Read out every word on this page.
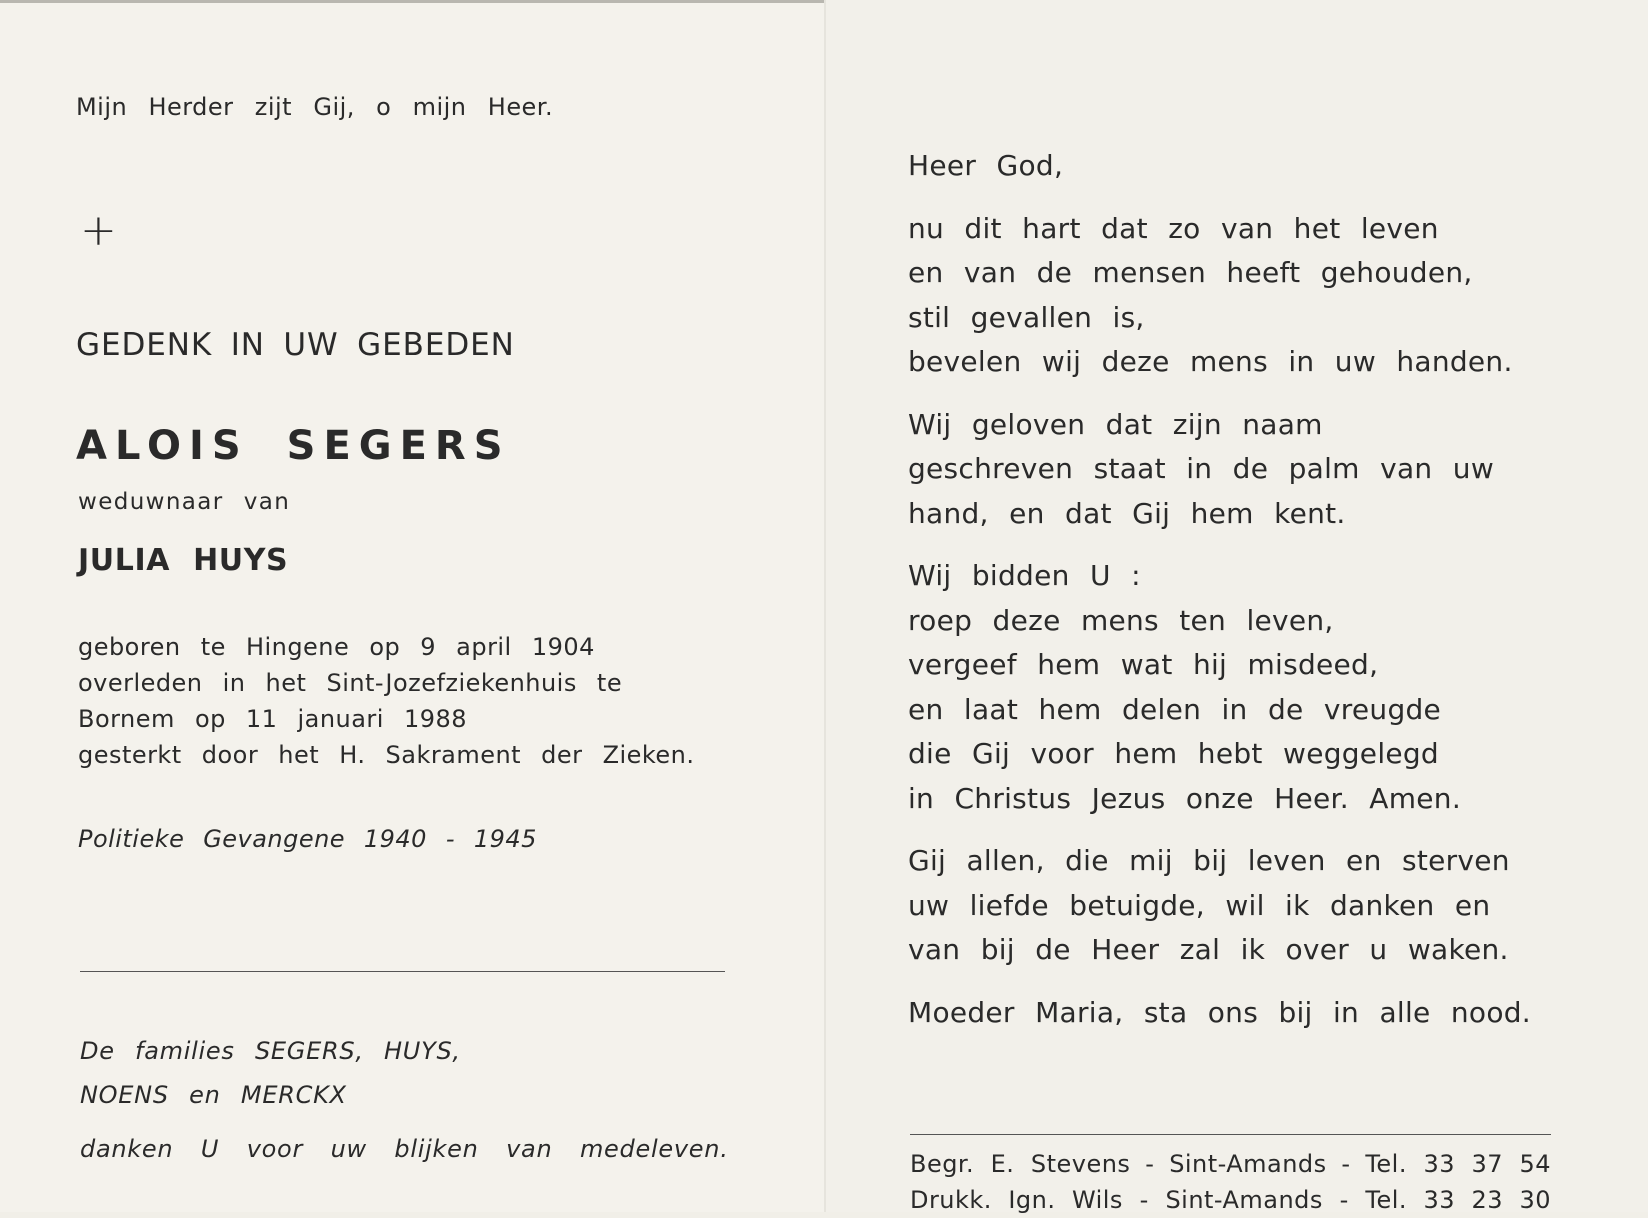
Mijn Herder zijt Gij, o mijn Heer.
+
GEDENK IN UW GEBEDEN
ALOIS SEGERS
weduwnaar van
JULIA HUYS
geboren te Hingene op 9 april 1904
overleden in het Sint-Jozefziekenhuis te
Bornem op 11 januari 1988
gesterkt door het H. Sakrament der Zieken.
Politieke Gevangene 1940 - 1945
De families SEGERS, HUYS,
NOENS en MERCKX
danken U voor uw blijken van medeleven.
Heer God,
nu dit hart dat zo van het leven
en van de mensen heeft gehouden,
stil gevallen is,
bevelen wij deze mens in uw handen.
Wij geloven dat zijn naam
geschreven staat in de palm van uw
hand, en dat Gij hem kent.
Wij bidden U :
roep deze mens ten leven,
vergeef hem wat hij misdeed,
en laat hem delen in de vreugde
die Gij voor hem hebt weggelegd
in Christus Jezus onze Heer. Amen.
Gij allen, die mij bij leven en sterven
uw liefde betuigde, wil ik danken en
van bij de Heer zal ik over u waken.
Moeder Maria, sta ons bij in alle nood.
Begr. E. Stevens - Sint-Amands - Tel. 33 37 54
Drukk. Ign. Wils - Sint-Amands - Tel. 33 23 30
